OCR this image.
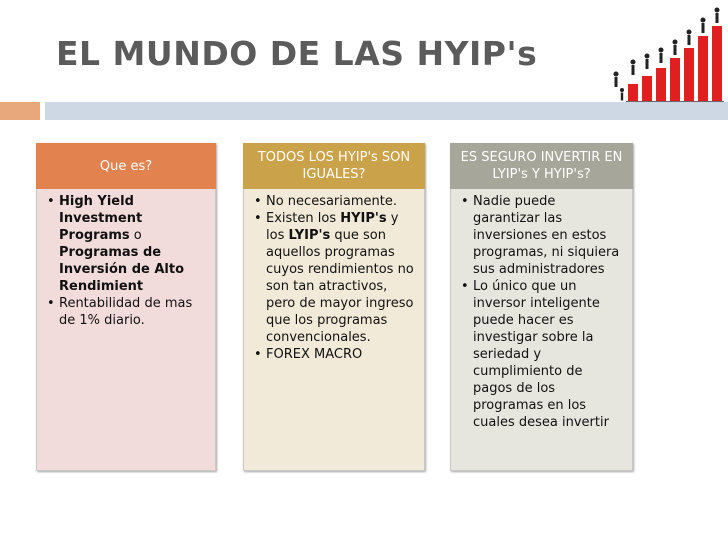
EL MUNDO DE LAS HYIP's
Que es?
• High Yield Investment Programs o Programas de Inversión de Alto Rendimient
• Rentabilidad de mas de 1% diario.
TODOS LOS HYIP's SON IGUALES?
• No necesariamente.
• Existen los HYIP's y los LYIP's que son aquellos programas cuyos rendimientos no son tan atractivos, pero de mayor ingreso que los programas convencionales.
• FOREX MACRO
ES SEGURO INVERTIR EN LYIP's Y HYIP's?
• Nadie puede garantizar las inversiones en estos programas, ni siquiera sus administradores
• Lo único que un inversor inteligente puede hacer es investigar sobre la seriedad y cumplimiento de pagos de los programas en los cuales desea invertir
